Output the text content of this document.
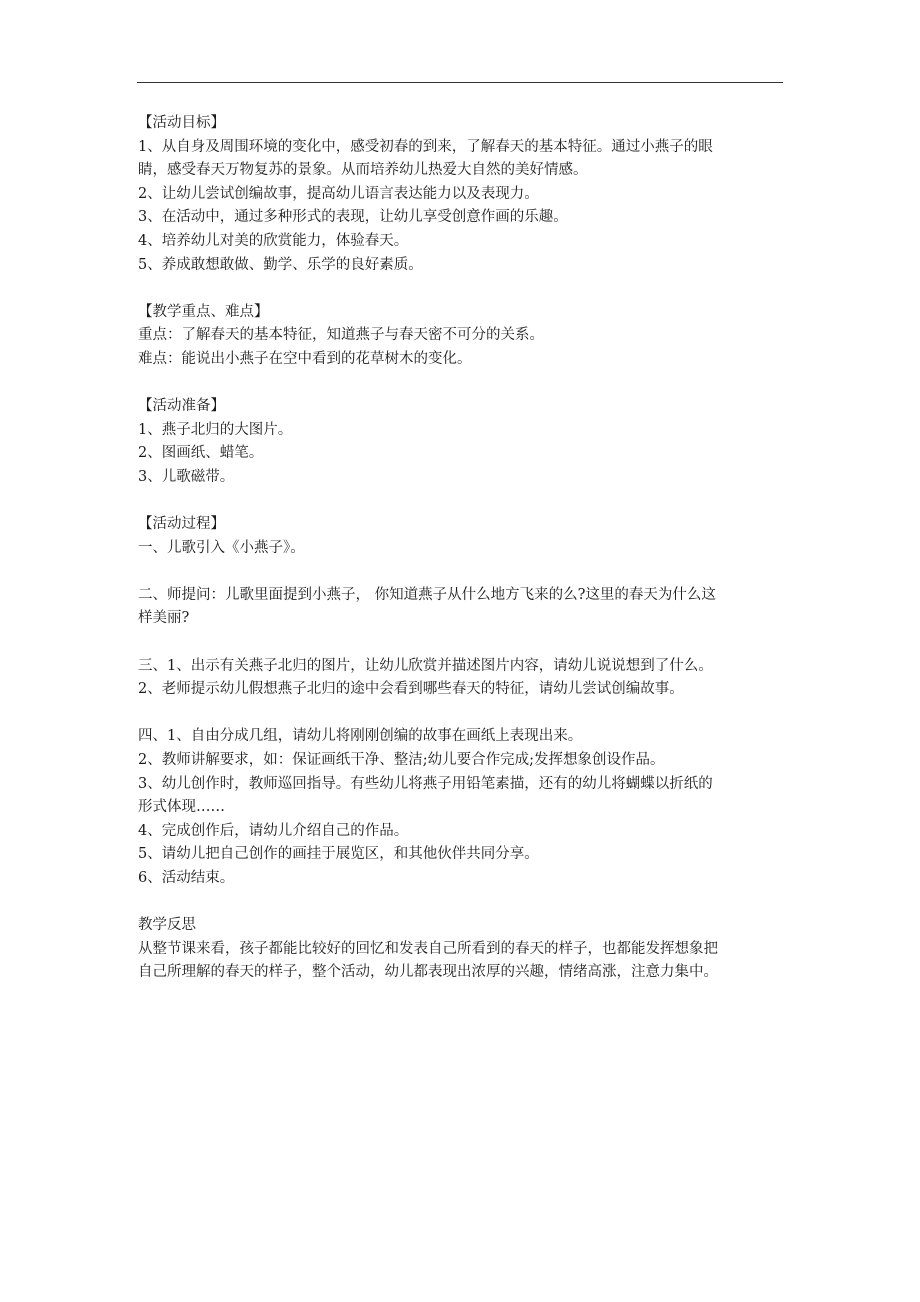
【活动目标】
1、从自身及周围环境的变化中，感受初春的到来，了解春天的基本特征。通过小燕子的眼
睛，感受春天万物复苏的景象。从而培养幼儿热爱大自然的美好情感。
2、让幼儿尝试创编故事，提高幼儿语言表达能力以及表现力。
3、在活动中，通过多种形式的表现，让幼儿享受创意作画的乐趣。
4、培养幼儿对美的欣赏能力，体验春天。
5、养成敢想敢做、勤学、乐学的良好素质。
【教学重点、难点】
重点：了解春天的基本特征，知道燕子与春天密不可分的关系。
难点：能说出小燕子在空中看到的花草树木的变化。
【活动准备】
1、燕子北归的大图片。
2、图画纸、蜡笔。
3、儿歌磁带。
【活动过程】
一、儿歌引入《小燕子》。
二、师提问：儿歌里面提到小燕子， 你知道燕子从什么地方飞来的么?这里的春天为什么这
样美丽?
三、1、出示有关燕子北归的图片，让幼儿欣赏并描述图片内容，请幼儿说说想到了什么。
2、老师提示幼儿假想燕子北归的途中会看到哪些春天的特征，请幼儿尝试创编故事。
四、1、自由分成几组，请幼儿将刚刚创编的故事在画纸上表现出来。
2、教师讲解要求，如：保证画纸干净、整洁;幼儿要合作完成;发挥想象创设作品。
3、幼儿创作时，教师巡回指导。有些幼儿将燕子用铅笔素描，还有的幼儿将蝴蝶以折纸的
形式体现……
4、完成创作后，请幼儿介绍自己的作品。
5、请幼儿把自己创作的画挂于展览区，和其他伙伴共同分享。
6、活动结束。
教学反思
从整节课来看，孩子都能比较好的回忆和发表自己所看到的春天的样子，也都能发挥想象把
自己所理解的春天的样子，整个活动，幼儿都表现出浓厚的兴趣，情绪高涨，注意力集中。
